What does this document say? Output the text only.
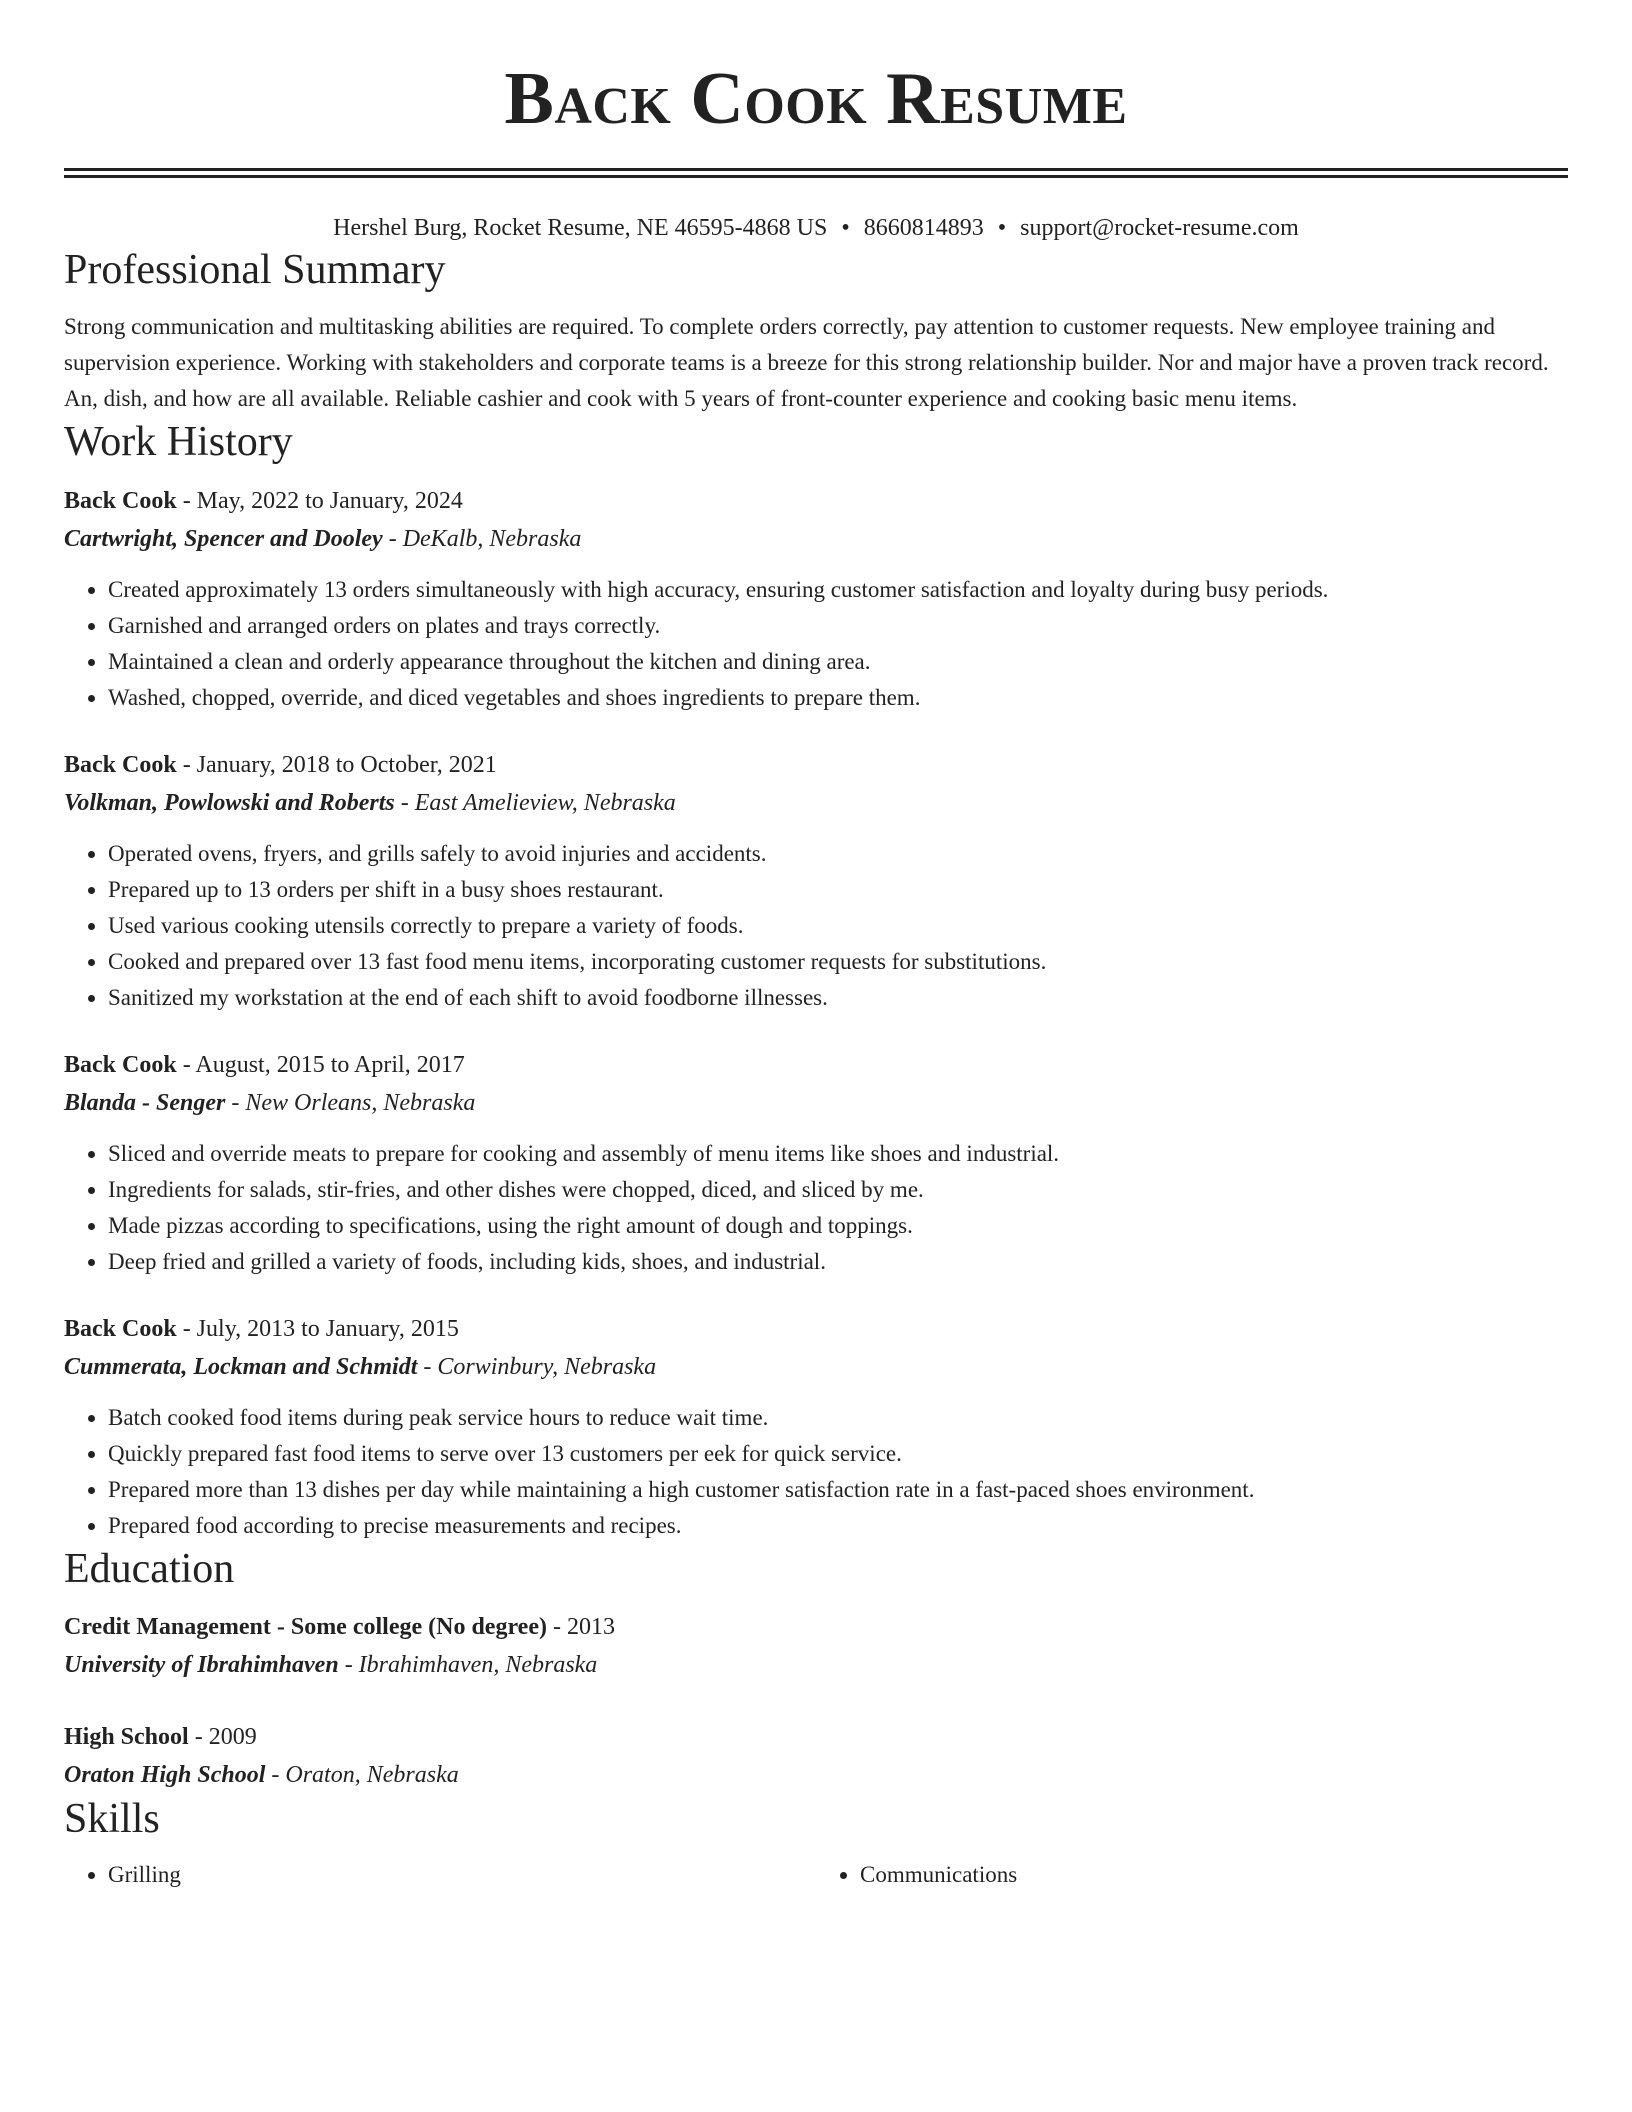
Back Cook Resume
Hershel Burg, Rocket Resume, NE 46595-4868 US • 8660814893 • support@rocket-resume.com
Professional Summary

Strong communication and multitasking abilities are required. To complete orders correctly, pay attention to customer requests. New employee training and supervision experience. Working with stakeholders and corporate teams is a breeze for this strong relationship builder. Nor and major have a proven track record. An, dish, and how are all available. Reliable cashier and cook with 5 years of front-counter experience and cooking basic menu items.

Work History
Back Cook - May, 2022 to January, 2024
Cartwright, Spencer and Dooley - DeKalb, Nebraska
• Created approximately 13 orders simultaneously with high accuracy, ensuring customer satisfaction and loyalty during busy periods.
• Garnished and arranged orders on plates and trays correctly.
• Maintained a clean and orderly appearance throughout the kitchen and dining area.
• Washed, chopped, override, and diced vegetables and shoes ingredients to prepare them.
Back Cook - January, 2018 to October, 2021
Volkman, Powlowski and Roberts - East Amelieview, Nebraska
• Operated ovens, fryers, and grills safely to avoid injuries and accidents.
• Prepared up to 13 orders per shift in a busy shoes restaurant.
• Used various cooking utensils correctly to prepare a variety of foods.
• Cooked and prepared over 13 fast food menu items, incorporating customer requests for substitutions.
• Sanitized my workstation at the end of each shift to avoid foodborne illnesses.
Back Cook - August, 2015 to April, 2017
Blanda - Senger - New Orleans, Nebraska
• Sliced and override meats to prepare for cooking and assembly of menu items like shoes and industrial.
• Ingredients for salads, stir-fries, and other dishes were chopped, diced, and sliced by me.
• Made pizzas according to specifications, using the right amount of dough and toppings.
• Deep fried and grilled a variety of foods, including kids, shoes, and industrial.
Back Cook - July, 2013 to January, 2015
Cummerata, Lockman and Schmidt - Corwinbury, Nebraska
• Batch cooked food items during peak service hours to reduce wait time.
• Quickly prepared fast food items to serve over 13 customers per eek for quick service.
• Prepared more than 13 dishes per day while maintaining a high customer satisfaction rate in a fast-paced shoes environment.
• Prepared food according to precise measurements and recipes.
Education
Credit Management - Some college (No degree) - 2013
University of Ibrahimhaven - Ibrahimhaven, Nebraska
High School - 2009
Oraton High School - Oraton, Nebraska
Skills
• Grilling
•	Communications
